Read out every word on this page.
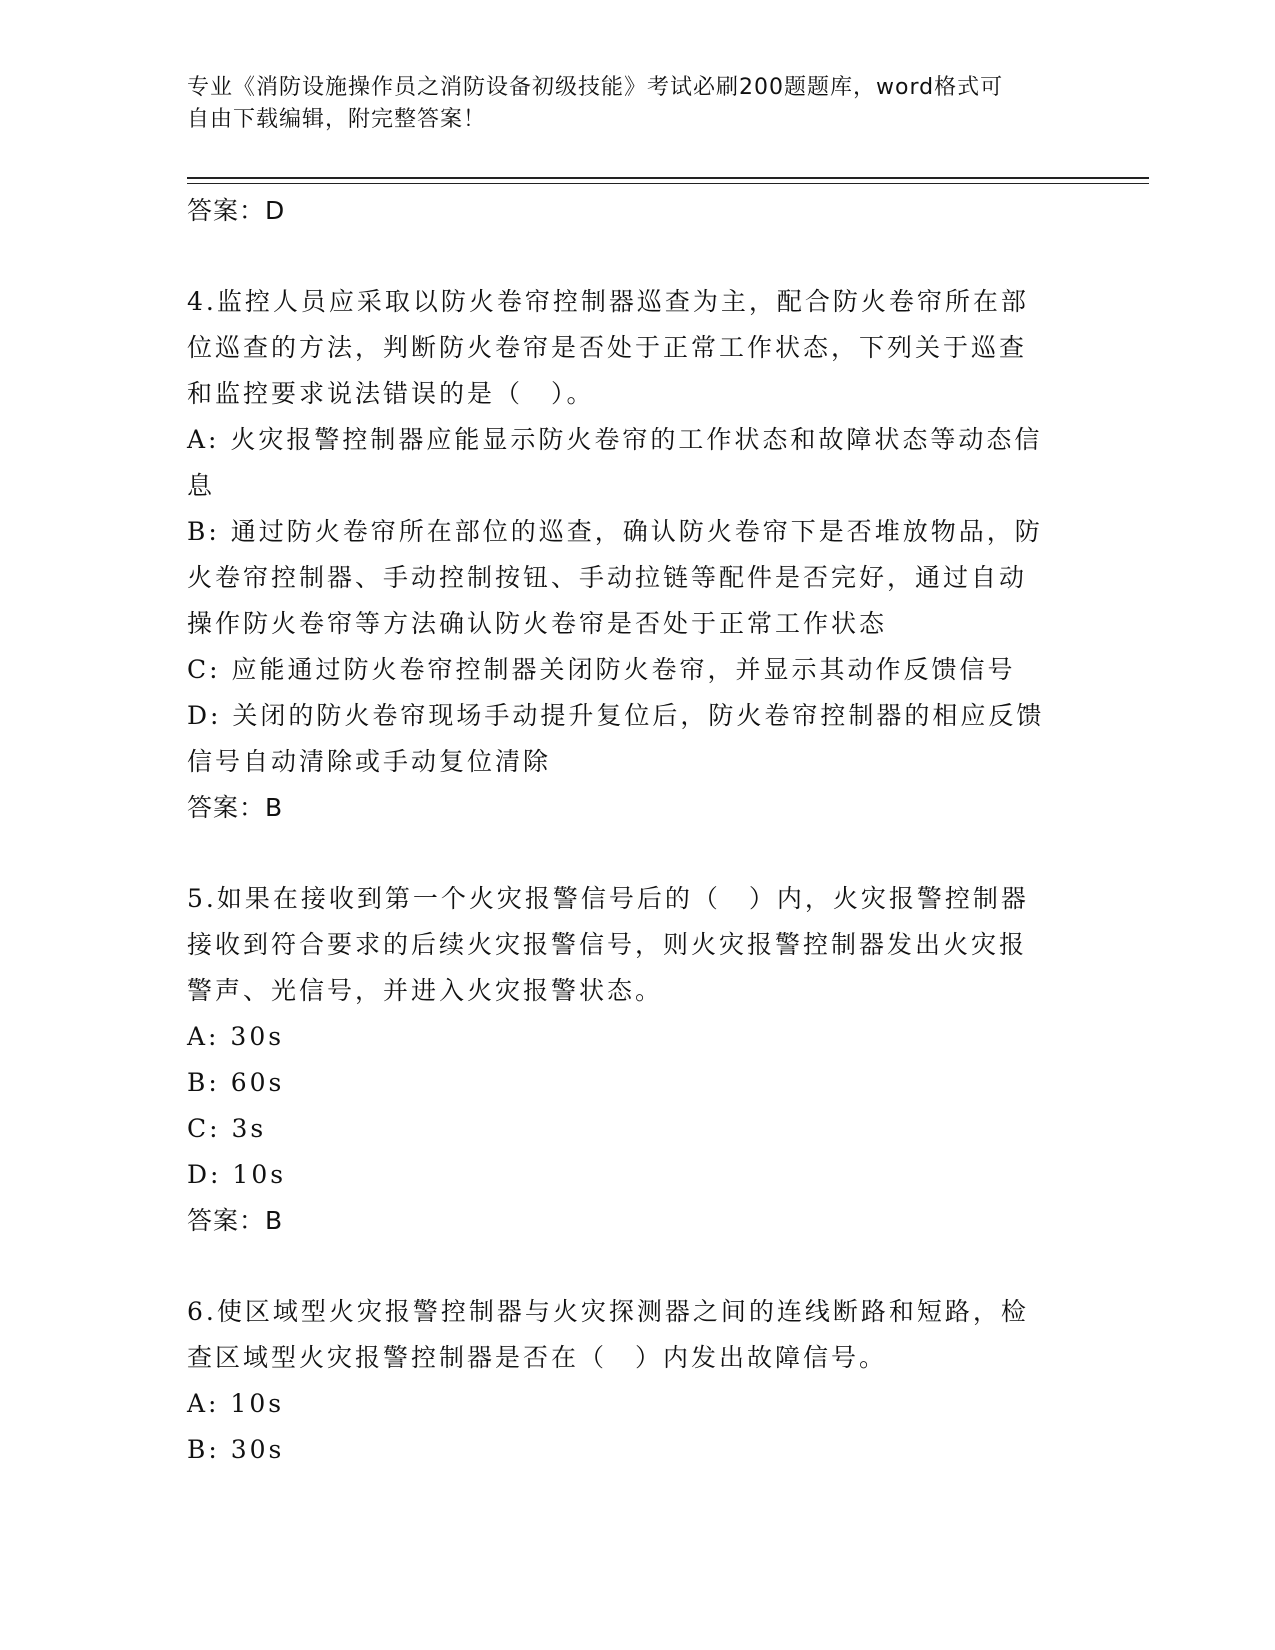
专业《消防设施操作员之消防设备初级技能》考试必刷200题题库，word格式可
自由下载编辑，附完整答案！

答案：D

4.监控人员应采取以防火卷帘控制器巡查为主，配合防火卷帘所在部

位巡查的方法，判断防火卷帘是否处于正常工作状态，下列关于巡查

和监控要求说法错误的是（　）。

A: 火灾报警控制器应能显示防火卷帘的工作状态和故障状态等动态信

息

B: 通过防火卷帘所在部位的巡查，确认防火卷帘下是否堆放物品，防

火卷帘控制器、手动控制按钮、手动拉链等配件是否完好，通过自动

操作防火卷帘等方法确认防火卷帘是否处于正常工作状态

C: 应能通过防火卷帘控制器关闭防火卷帘，并显示其动作反馈信号

D: 关闭的防火卷帘现场手动提升复位后，防火卷帘控制器的相应反馈

信号自动清除或手动复位清除

答案：B

5.如果在接收到第一个火灾报警信号后的（　）内，火灾报警控制器

接收到符合要求的后续火灾报警信号，则火灾报警控制器发出火灾报

警声、光信号，并进入火灾报警状态。

A: 30s

B: 60s

C: 3s

D: 10s

答案：B

6.使区域型火灾报警控制器与火灾探测器之间的连线断路和短路，检

查区域型火灾报警控制器是否在（　）内发出故障信号。

A: 10s

B: 30s
